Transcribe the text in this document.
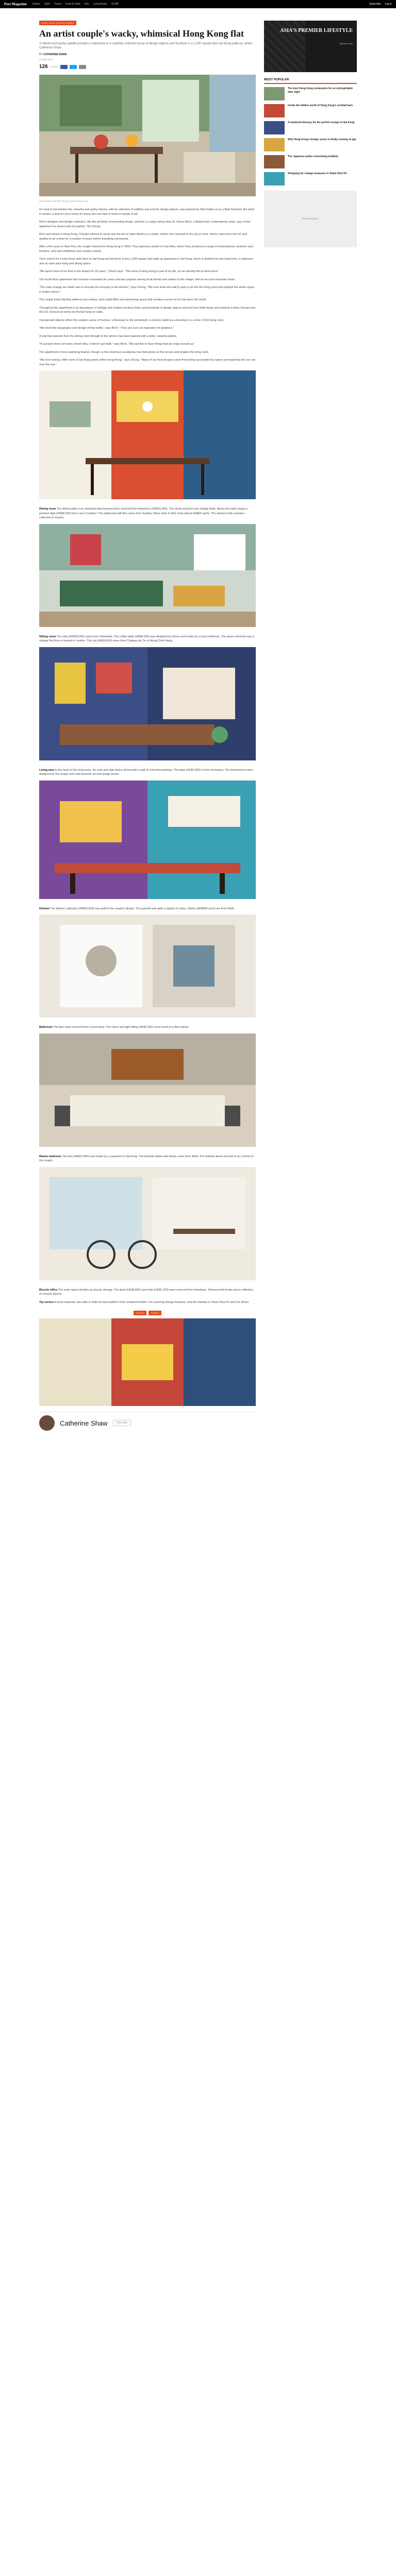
Post Magazine Culture Style Travel Food & Drink Arts Long Reads SCMP	Subscribe Log in
HONG KONG DESIGN HOMES
An artist couple's wacky, whimsical Hong Kong flat
A vibrant and quirky palette provides a backdrop to a carefully collected array of design objects and furniture in a 1,000 square feet Sai Kung walk-up, writes Catherine Shaw
BY CATHERINE SHAW
26 SEP 2015
126 SHARES
Simon Birch and Tiki Chung in their dining room.

It's hard to tell whether the colourful and quirky interior, with its collection of oddities and eclectic design objects, was inspired by Mad Hatter or by a Mad Scientist. But what is certain, is that it's not a home for those who are faint of heart or feeble of wit.

We're designer and design collectors. We like all kinds of interesting things, and this is a place where they fit. Simon Birch, a British-born contemporary artist, says of the apartment he shares with his partner, Tiki Chung.

Born and raised in Hong Kong, Chung's interest in visual arts led her to Saint Martins in London, before she returned to the city to work. Simon came from the UK and studied at art school for a number of years before travelling extensively.

After a few years in New York, the couple returned to Hong Kong in 2004. They opened a studio in Chai Wan, where they produced a range of contemporary ceramics and furniture, and had exhibitions and creative events.

Their search for a new home took them to Sai Kung and led them to this 1,000 square feet walk-up apartment in Sai Kung, which is divided into two bedrooms, a bathroom and an open plan living and dining space.

"We spent most of our time in the district for 18 years," Simon says. "This area of Hong Kong is part of my life, so we already felt at home here."

The fourth floor apartment had not been renovated for years and was popular among local friends and visitors to the village, with its sea and mountain views.

"The main change we made was to relocate the doorway to the kitchen," says Chung. "We took down the wall to open it up into the living room and painted the whole space in bright colours."

The couple freely flip-flop patterns and colours, and a light-filled and welcoming space that exudes a sense of fun has been the result.

Throughout the apartment is an abundance of vintage and modern furniture finds, and hundreds of design objects sourced from thrift shops and markets in Asia, Europe and the US. Several art works by friends hang on walls.

Unexpected objects reflect the couple's sense of humour: a flamingo on the windowsill, a ceramic rabbit as a doorstop in a corner of the living room.

"We loved the typography and design of that bottle," says Birch. "They are such an inspiration for graphics."

A wall that extends from the dining room through to the kitchen has been painted with a bold, colourful pattern.

"If a project does not have a fresh idea, it doesn't get built," says Birch. "We just like to have things that we enjoy around us."

The apartment's more surprising feature, though, is the enormous eucalyptus tree that grows on the terrace and shades the living room.

"We love having a little room of Sai Kung green within Hong Kong," says Chung. "Many of our best designs came from being surrounded by nature and watching the sun set over the sea."

Dining room The dining table is an industrial steel-framed piece sourced from Homeless (HK$15,000). The stools around it are vintage finds. Above the table hangs a pendant light (HK$3,000) from Lane Crawford. The patterned wall tiles came from Sanitary Ware shop in Wan Chai (about HK$60 each). The shelves hold ceramics collected on travels.

Sitting room The sofa (HK$28,000) came from Shambala. The coffee table (HK$6,000) was designed by Simon and made by a local craftsman. The green armchair was a vintage find from a market in London. The rug (HK$4,500) came from Chateau de Ce in Wong Chuk Hang.

Living area In the heart of the living area, the sofa and side tables sit beneath a wall of colourful paintings. The lamp (HK$2,000) is from Homeless. The bookshelves were designed by the couple and hold favourite art and design books.

Kitchen The kitchen cabinetry (HK$25,000) was built to the couple's design. The painted wall adds a splash of colour. Stools (HK$800 each) are from IKEA.

Bathroom The tiles were sourced from a local shop. The mirror and light fitting (HK$1,500) were found at a flea market.

Master bedroom The bed (HK$12,000) was made by a carpenter in Sai Kung. The bedside tables and lamps came from IKEA. The artwork above the bed is by a friend of the couple.

Bicycle office The work space doubles as bicycle storage. The desk (HK$3,500) and chair (HK$1,200) were sourced from Homeless. Shelves hold books and a collection of ceramic figures.

Tip service A local carpenter was able to build the bed platform from reclaimed timber. For sourcing vintage furniture, visit the markets in Sham Shui Po and Cat Street.

DESIGN	HOMES
Catherine Shaw	FOLLOW
ASIA'S PREMIER LIFESTYLE
Discover more
MOST POPULAR
The best Hong Kong restaurants for an unforgettable date night
Inside the hidden world of Hong Kong's cocktail bars
A weekend itinerary for the perfect escape to Sai Kung
Why Hong Kong's design scene is finally coming of age
The Japanese potter reinventing tradition
Shopping for vintage treasures in Sham Shui Po
Advertisement
